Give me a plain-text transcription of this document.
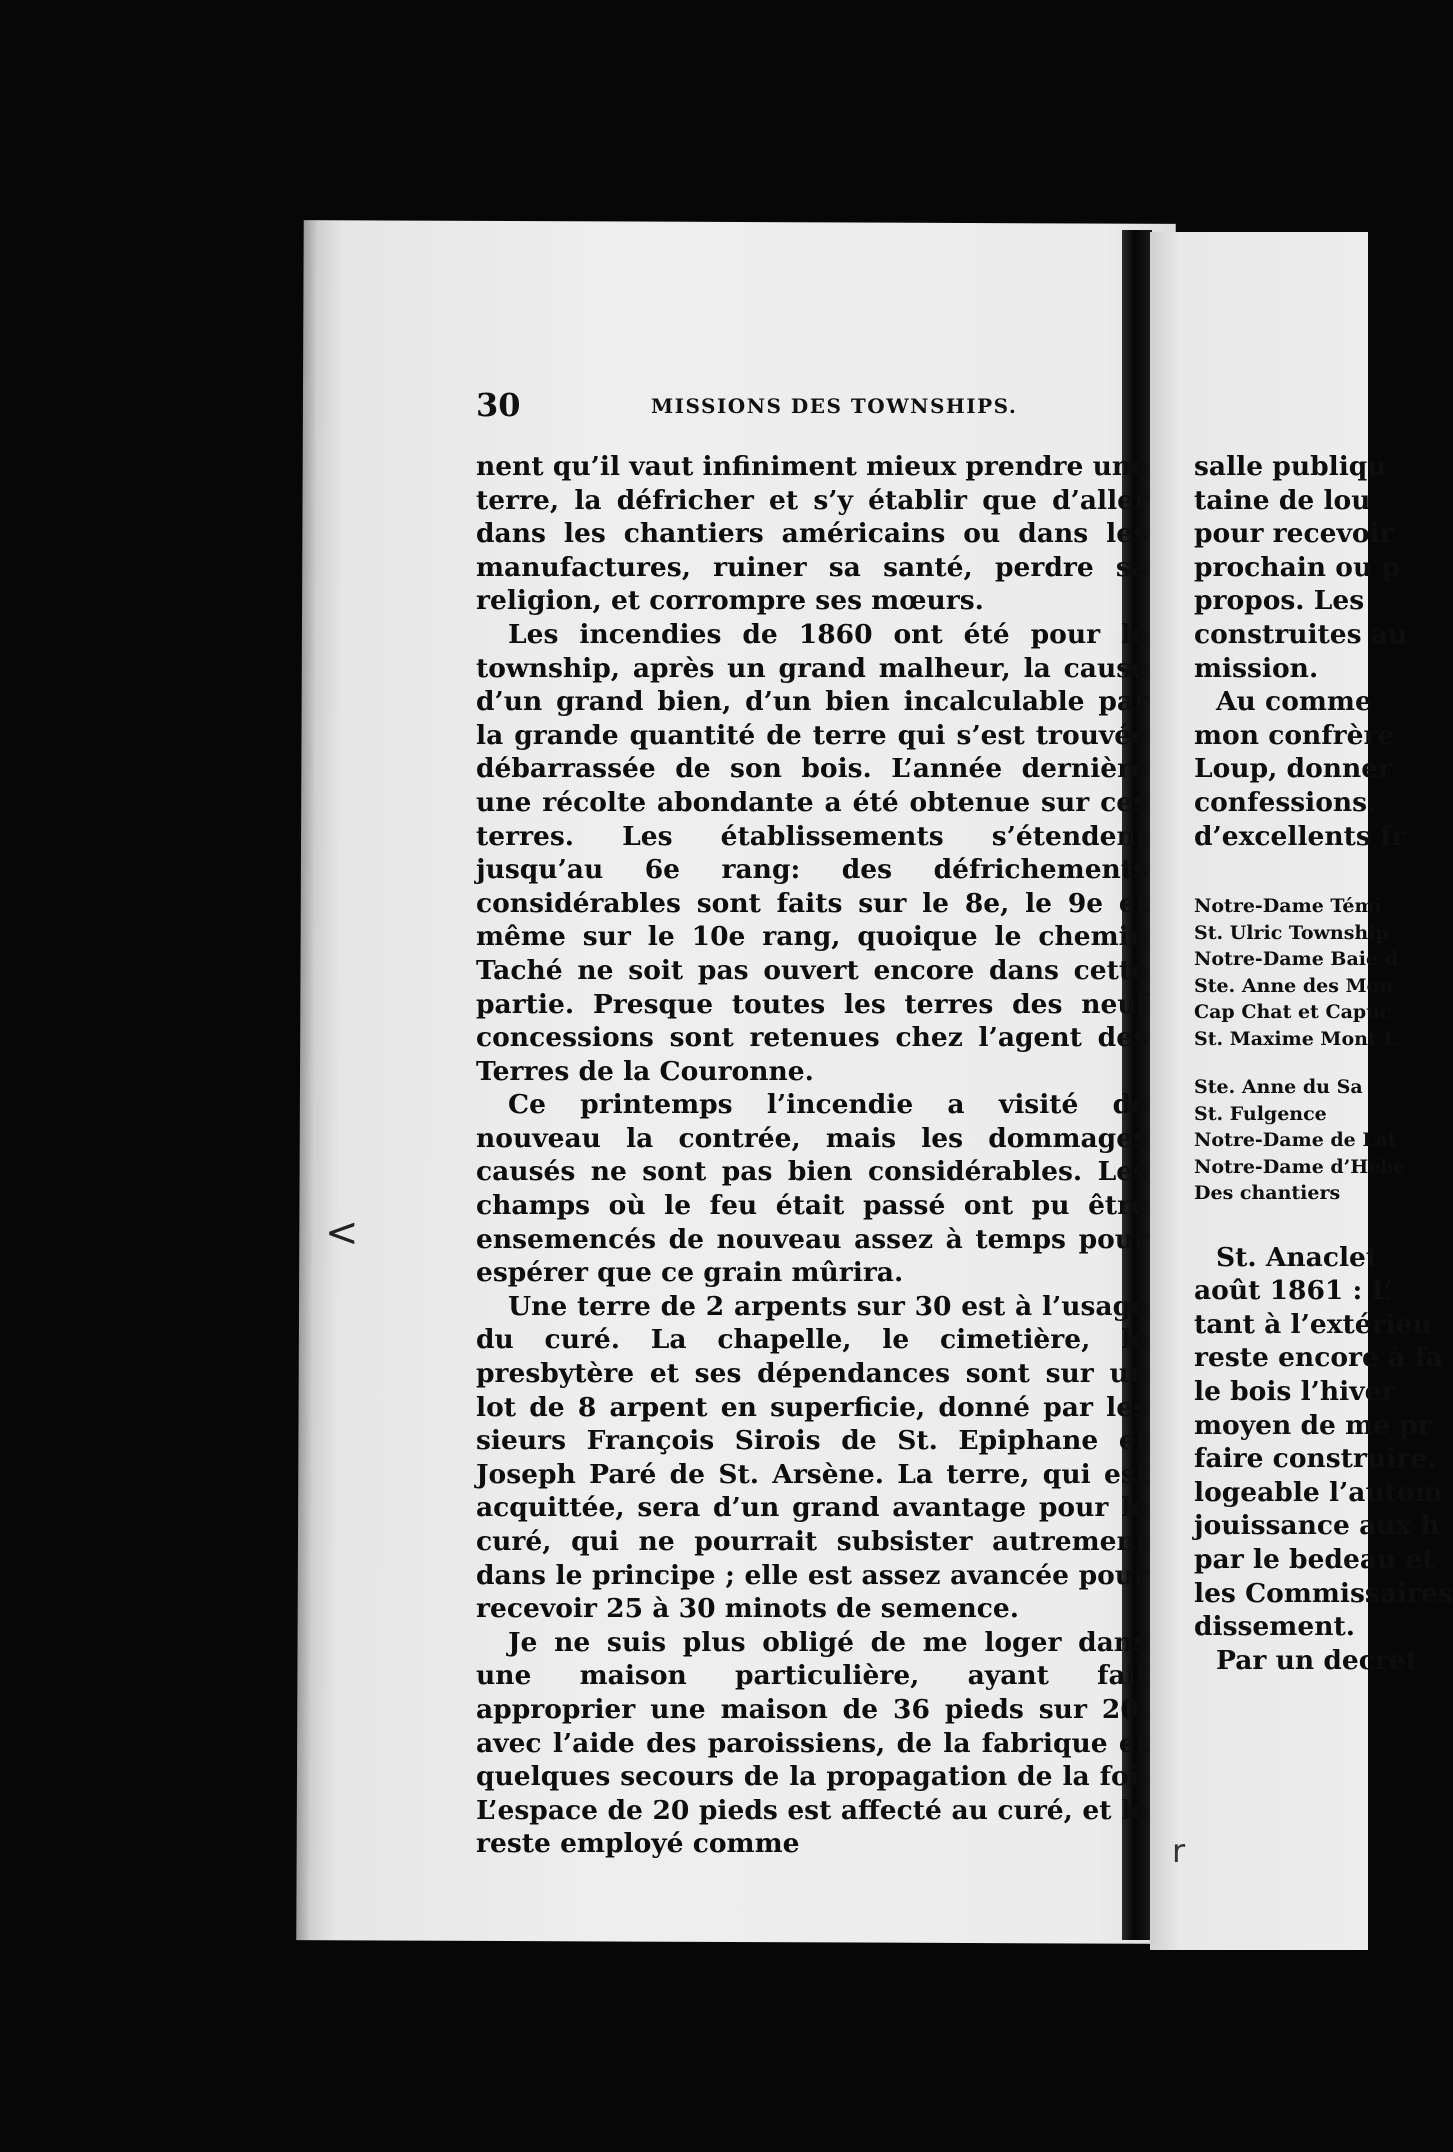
30	MISSIONS DES TOWNSHIPS.

nent qu’il vaut infiniment mieux prendre une terre, la défricher et s’y établir que d’aller dans les chantiers américains ou dans les manufactures, ruiner sa santé, perdre sa religion, et corrompre ses mœurs.

Les incendies de 1860 ont été pour le township, après un grand malheur, la cause d’un grand bien, d’un bien incalculable par la grande quantité de terre qui s’est trouvée débarrassée de son bois. L’année dernière une récolte abondante a été obtenue sur ces terres. Les établissements s’étendent jusqu’au 6e rang: des défrichements considérables sont faits sur le 8e, le 9e et même sur le 10e rang, quoique le chemin Taché ne soit pas ouvert encore dans cette partie. Presque toutes les terres des neuf concessions sont retenues chez l’agent des Terres de la Couronne.

Ce printemps l’incendie a visité de nouveau la contrée, mais les dommages causés ne sont pas bien considérables. Les champs où le feu était passé ont pu être ensemencés de nouveau assez à temps pour espérer que ce grain mûrira.

Une terre de 2 arpents sur 30 est à l’usage du curé. La chapelle, le cimetière, le presbytère et ses dépendances sont sur un lot de 8 arpent en superficie, donné par les sieurs François Sirois de St. Epiphane et Joseph Paré de St. Arsène. La terre, qui est acquittée, sera d’un grand avantage pour le curé, qui ne pourrait subsister autrement dans le principe ; elle est assez avancée pour recevoir 25 à 30 minots de semence.

Je ne suis plus obligé de me loger dans une maison particulière, ayant fait approprier une maison de 36 pieds sur 20, avec l’aide des paroissiens, de la fabrique et quelques secours de la propagation de la foi. L’espace de 20 pieds est affecté au curé, et le reste employé comme

salle publiqu
taine de lou
pour recevoir
prochain ou p
propos. Les
construites au
mission.
Au comme
mon confrère
Loup, donner
confessions.
d’excellents fr
Notre-Dame Témi
St. Ulric Township
Notre-Dame Baie d
Ste. Anne des Mon
Cap Chat et Capuc
St. Maxime Mont L
Ste. Anne du Sa
St. Fulgence
Notre-Dame de Lat
Notre-Dame d’Hébe
Des chantiers
St. Anaclet
août 1861 : L’
tant à l’extérieu
reste encore à fa
le bois l’hiver
moyen de me pr
faire construire.
logeable l’autom
jouissance aux h
par le bedeau et
les Commissaires
dissement.
Par un decret
<
r
